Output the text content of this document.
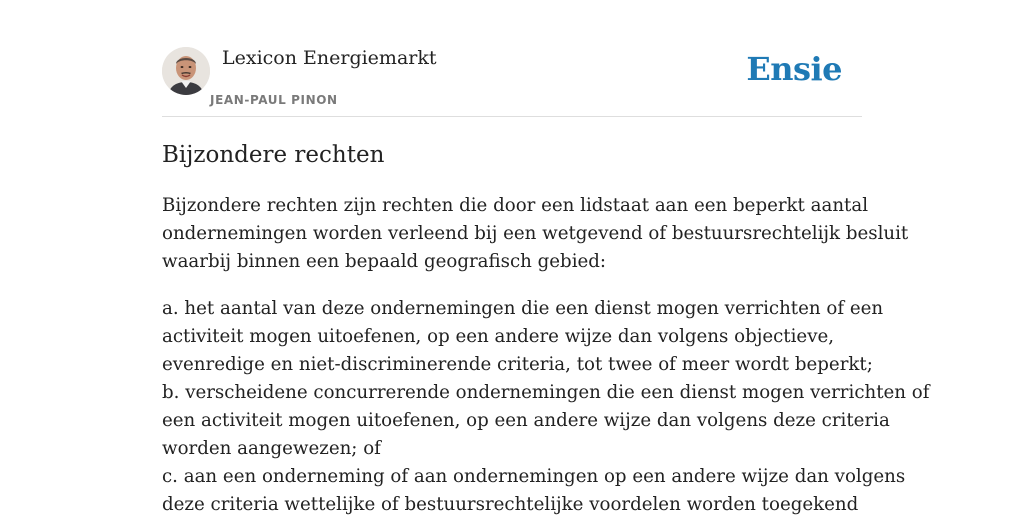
Lexicon Energiemarkt
JEAN-PAUL PINON
Ensie
Bijzondere rechten

Bijzondere rechten zijn rechten die door een lidstaat aan een beperkt aantal

ondernemingen worden verleend bij een wetgevend of bestuursrechtelijk besluit

waarbij binnen een bepaald geografisch gebied:

a. het aantal van deze ondernemingen die een dienst mogen verrichten of een

activiteit mogen uitoefenen, op een andere wijze dan volgens objectieve,

evenredige en niet-discriminerende criteria, tot twee of meer wordt beperkt;

b. verscheidene concurrerende ondernemingen die een dienst mogen verrichten of

een activiteit mogen uitoefenen, op een andere wijze dan volgens deze criteria

worden aangewezen; of

c. aan een onderneming of aan ondernemingen op een andere wijze dan volgens

deze criteria wettelijke of bestuursrechtelijke voordelen worden toegekend
